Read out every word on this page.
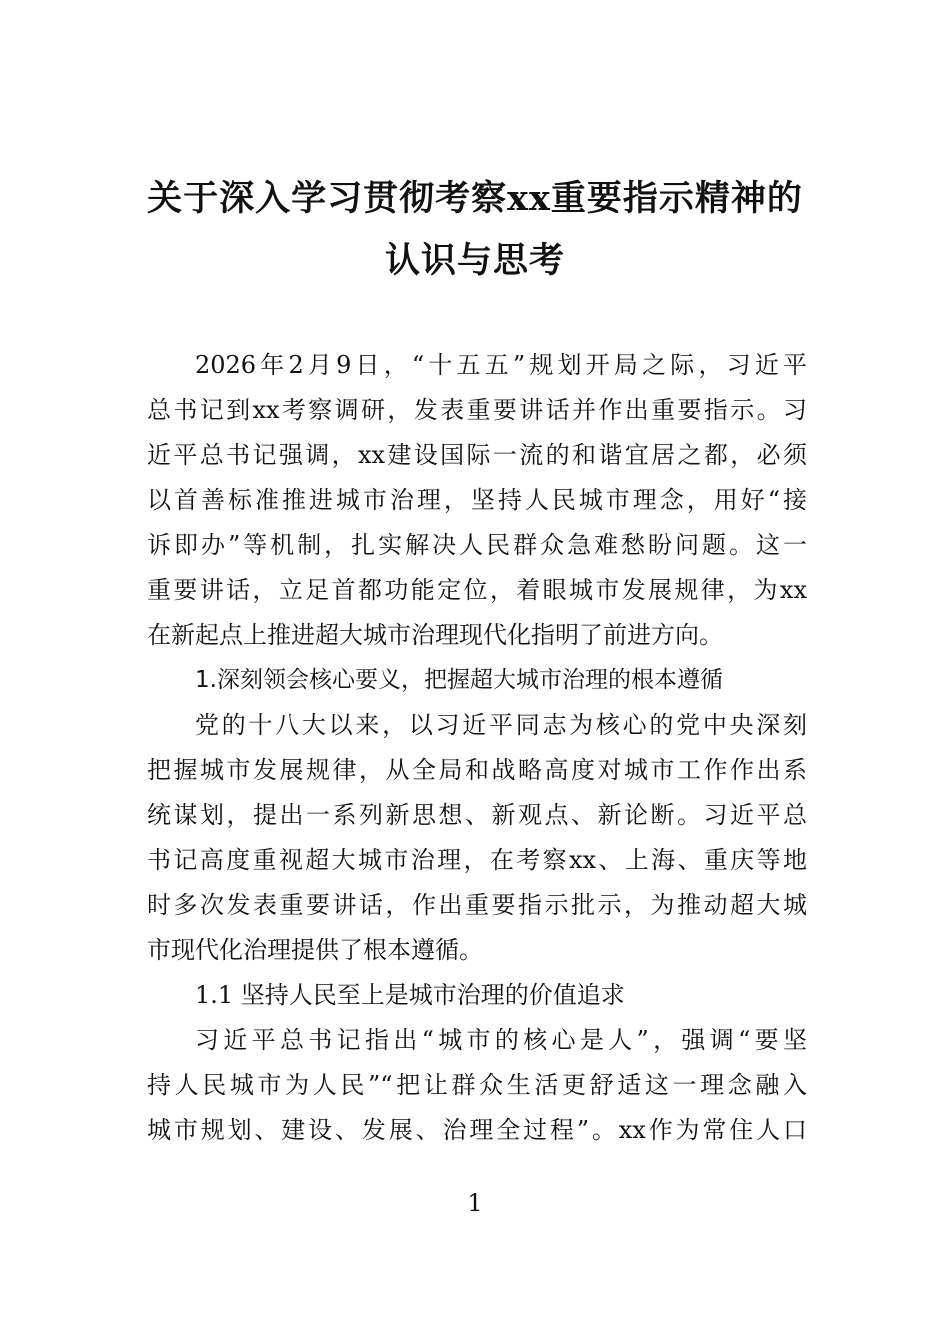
关于深入学习贯彻考察xx重要指示精神的
认识与思考
2026年2月9日，“十五五”规划开局之际，习近平
总书记到xx考察调研，发表重要讲话并作出重要指示。习
近平总书记强调，xx建设国际一流的和谐宜居之都，必须
以首善标准推进城市治理，坚持人民城市理念，用好“接
诉即办”等机制，扎实解决人民群众急难愁盼问题。这一
重要讲话，立足首都功能定位，着眼城市发展规律，为xx
在新起点上推进超大城市治理现代化指明了前进方向。
1.深刻领会核心要义，把握超大城市治理的根本遵循
党的十八大以来，以习近平同志为核心的党中央深刻
把握城市发展规律，从全局和战略高度对城市工作作出系
统谋划，提出一系列新思想、新观点、新论断。习近平总
书记高度重视超大城市治理，在考察xx、上海、重庆等地
时多次发表重要讲话，作出重要指示批示，为推动超大城
市现代化治理提供了根本遵循。
1.1 坚持人民至上是城市治理的价值追求
习近平总书记指出“城市的核心是人”，强调“要坚
持人民城市为人民”“把让群众生活更舒适这一理念融入
城市规划、建设、发展、治理全过程”。xx作为常住人口
1
